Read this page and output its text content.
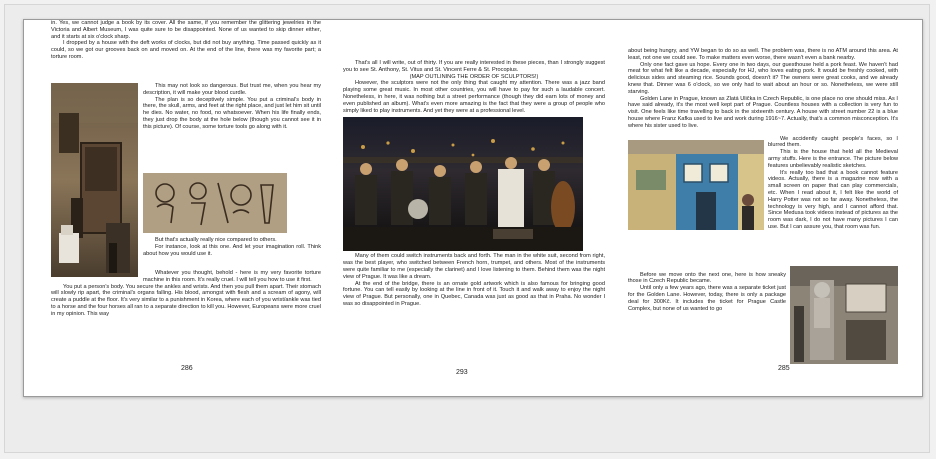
in. Yes, we cannot judge a book by its cover. All the same, if you remember the glittering jewelries in the Victoria and Albert Museum, I was quite sure to be disappointed. None of us wanted to skip dinner either, and it starts at six o'clock sharp.

I dropped by a house with the deft works of clocks, but did not buy anything. Time passed quickly as it could, so we got our grooves back on and moved on. At the end of the line, there was my favorite part; a torture room.

This may not look so dangerous. But trust me, when you hear my description, it will make your blood curdle.

The plan is so deceptively simple. You put a criminal's body in there, the skull, arms, and feet at the right place, and just let him sit until he dies. No water, no food, no whatsoever. When his life finally ends, they just drop the body at the hole below (though you cannot see it in this picture). Of course, some torture tools go along with it.

But that's actually really nice compared to others.

For instance, look at this one. And let your imagination roll. Think about how you would use it.

Whatever you thought, behold - here is my very favorite torture machine in this room. It's really cruel. I will tell you how to use it first.

You put a person's body. You secure the ankles and wrists. And then you pull them apart. Their stomach will slowly rip apart, the criminal's organs falling. His blood, amongst with flesh and a scream of agony, will create a puddle at the floor. It's very similar to a punishment in Korea, where each of you wrist/ankle was tied to a horse and the four horses all ran to a separate direction to kill you. However, Europeans were more cruel in my opinion. This way

286

That's all I will write, out of thirty. If you are really interested in these pieces, than I strongly suggest you to see St. Anthony, St. Vitus and St. Vincent Ferre & St. Procopius.

(MAP OUTLINING THE ORDER OF SCULPTORS!)

However, the sculptors were not the only thing that caught my attention. There was a jazz band playing some great music. In most other countries, you will have to pay for such a laudable concert. Nonetheless, in here, it was nothing but a street performance (though they did earn lots of money and even published an album). What's even more amazing is the fact that they were a group of people who simply liked to play instruments. And yet they were at a professional level.

Many of them could switch instruments back and forth. The man in the white suit, second from right, was the best player, who switched between French horn, trumpet, and others. Most of the instruments were quite familiar to me (especially the clarinet) and I love listening to them. Behind them was the night view of Prague. It was like a dream.

At the end of the bridge, there is an ornate gold artwork which is also famous for bringing good fortune. You can tell easily by looking at the line in front of it. Touch it and walk away to enjoy the night view of Prague. But personally, one in Quebec, Canada was just as good as that in Praha. No wonder I was so disappointed in Prague.

293

about being hungry, and YW began to do so as well. The problem was, there is no ATM around this area. At least, not one we could see. To make matters even worse, there wasn't even a bank nearby.

Only one fact gave us hope. Every one in two days, our guesthouse held a pork feast. We haven't had meat for what felt like a decade, especially for HJ, who loves eating pork. It would be freshly cooked, with delicious sides and steaming rice. Sounds good, doesn't it? The owners were great cooks, and we already knew that. Dinner was 6 o'clock, so we only had to wait about an hour or so. Nonetheless, we were still starving.

Golden Lane in Prague, known as Zlatá Ulička in Czech Republic, is one place no one should miss. As I have said already, it's the most well kept part of Prague. Countless houses with a collection is very fun to visit. One feels like time travelling to back in the sixteenth century. A house with street number 22 is a blue house where Franz Kafka used to live and work during 1916~7. Actually, that's a common misconception. It's where his sister used to live.

We accidently caught people's faces, so I blurred them.

This is the house that held all the Medieval army stuffs. Here is the entrance. The picture below features unbelievably realistic sketches.

It's really too bad that a book cannot feature videos. Actually, there is a magazine now with a small screen on paper that can play commercials, etc. When I read about it, I felt like the world of Harry Potter was not so far away. Nonetheless, the technology is very high, and I cannot afford that. Since Medusa took videos instead of pictures as the room was dark, I do not have many pictures I can use. But I can assure you, that room was fun.

Before we move onto the next one, here is how sneaky those in Czech Republic became.

Until only a few years ago, there was a separate ticket just for the Golden Lane. However, today, there is only a package deal for 300Kč. It includes the ticket for Prague Castle Complex, but none of us wanted to go

285
